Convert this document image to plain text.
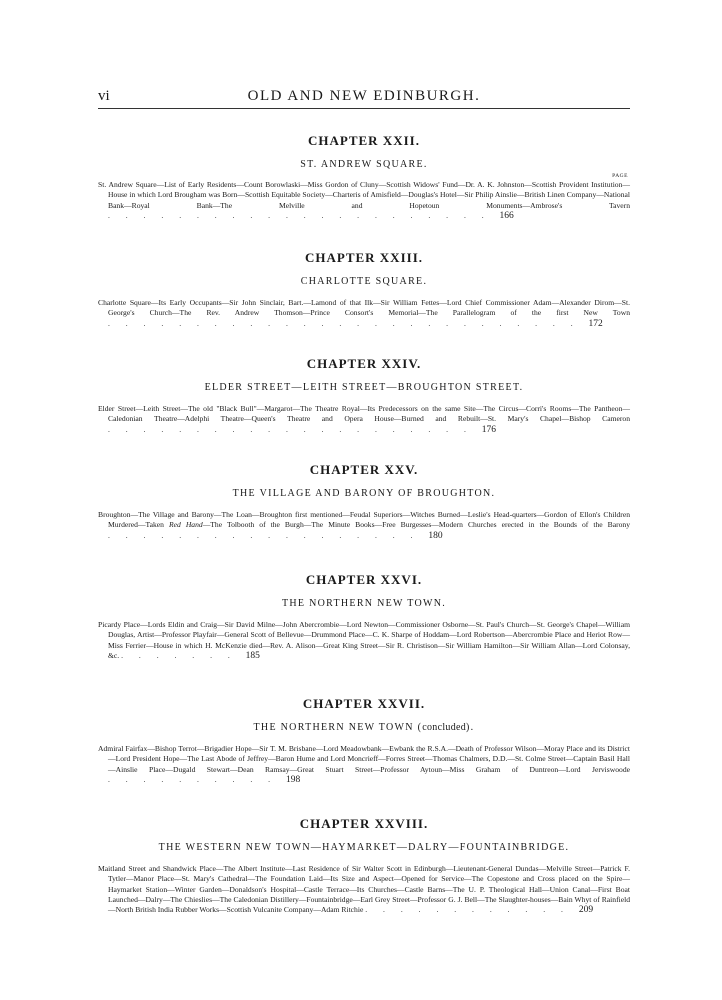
vi	OLD AND NEW EDINBURGH.
CHAPTER XXII.
ST. ANDREW SQUARE.
PAGE

St. Andrew Square—List of Early Residents—Count Borowlaski—Miss Gordon of Cluny—Scottish Widows' Fund—Dr. A. K. Johnston—Scottish Provident Institution—House in which Lord Brougham was Born—Scottish Equitable Society—Charteris of Amisfield—Douglas's Hotel—Sir Philip Ainslie—British Linen Company—National Bank—Royal Bank—The Melville and Hopetoun Monuments—Ambrose's Tavern . . . . . . . . . . . . . . . . . . . . . . 166

CHAPTER XXIII.
CHARLOTTE SQUARE.

Charlotte Square—Its Early Occupants—Sir John Sinclair, Bart.—Lamond of that Ilk—Sir William Fettes—Lord Chief Commissioner Adam—Alexander Dirom—St. George's Church—The Rev. Andrew Thomson—Prince Consort's Memorial—The Parallelogram of the first New Town . . . . . . . . . . . . . . . . . . . . . . . . . . . 172

CHAPTER XXIV.
ELDER STREET—LEITH STREET—BROUGHTON STREET.

Elder Street—Leith Street—The old "Black Bull"—Margarot—The Theatre Royal—Its Predecessors on the same Site—The Circus—Corri's Rooms—The Pantheon—Caledonian Theatre—Adelphi Theatre—Queen's Theatre and Opera House—Burned and Rebuilt—St. Mary's Chapel—Bishop Cameron . . . . . . . . . . . . . . . . . . . . . 176

CHAPTER XXV.
THE VILLAGE AND BARONY OF BROUGHTON.

Broughton—The Village and Barony—The Loan—Broughton first mentioned—Feudal Superiors—Witches Burned—Leslie's Head-quarters—Gordon of Ellon's Children Murdered—Taken Red Hand—The Tolbooth of the Burgh—The Minute Books—Free Burgesses—Modern Churches erected in the Bounds of the Barony . . . . . . . . . . . . . . . . . . 180

CHAPTER XXVI.
THE NORTHERN NEW TOWN.

Picardy Place—Lords Eldin and Craig—Sir David Milne—John Abercrombie—Lord Newton—Commissioner Osborne—St. Paul's Church—St. George's Chapel—William Douglas, Artist—Professor Playfair—General Scott of Bellevue—Drummond Place—C. K. Sharpe of Hoddam—Lord Robertson—Abercrombie Place and Heriot Row—Miss Ferrier—House in which H. McKenzie died—Rev. A. Alison—Great King Street—Sir R. Christison—Sir William Hamilton—Sir William Allan—Lord Colonsay, &c. . . . . . . . 185

CHAPTER XXVII.
THE NORTHERN NEW TOWN (concluded).

Admiral Fairfax—Bishop Terrot—Brigadier Hope—Sir T. M. Brisbane—Lord Meadowbank—Ewbank the R.S.A.—Death of Professor Wilson—Moray Place and its District—Lord President Hope—The Last Abode of Jeffrey—Baron Hume and Lord Moncrieff—Forres Street—Thomas Chalmers, D.D.—St. Colme Street—Captain Basil Hall—Ainslie Place—Dugald Stewart—Dean Ramsay—Great Stuart Street—Professor Aytoun—Miss Graham of Duntreon—Lord Jerviswoode . . . . . . . . . . 198

CHAPTER XXVIII.
THE WESTERN NEW TOWN—HAYMARKET—DALRY—FOUNTAINBRIDGE.

Maitland Street and Shandwick Place—The Albert Institute—Last Residence of Sir Walter Scott in Edinburgh—Lieutenant-General Dundas—Melville Street—Patrick F. Tytler—Manor Place—St. Mary's Cathedral—The Foundation Laid—Its Size and Aspect—Opened for Service—The Copestone and Cross placed on the Spire—Haymarket Station—Winter Garden—Donaldson's Hospital—Castle Terrace—Its Churches—Castle Barns—The U. P. Theological Hall—Union Canal—First Boat Launched—Dalry—The Chieslies—The Caledonian Distillery—Fountainbridge—Earl Grey Street—Professor G. J. Bell—The Slaughter-houses—Bain Whyt of Rainfield—North British India Rubber Works—Scottish Vulcanite Company—Adam Ritchie . . . . . . . . . . . . 209
